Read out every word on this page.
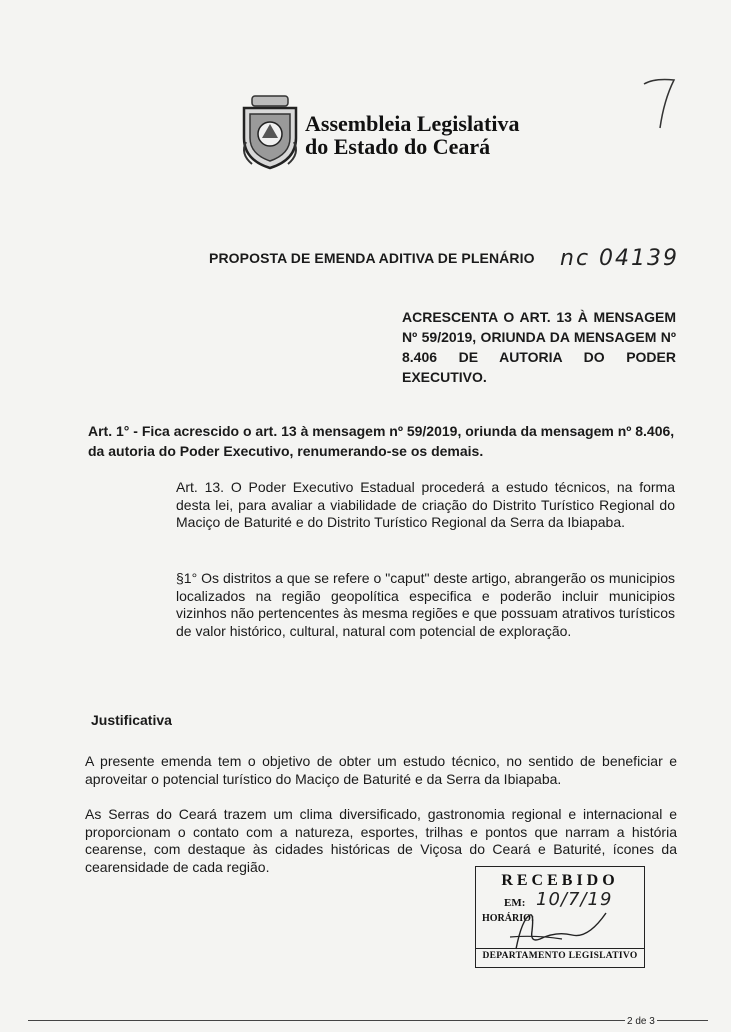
Assembleia Legislativa
do Estado do Ceará
PROPOSTA DE EMENDA ADITIVA DE PLENÁRIO nc 04139
ACRESCENTA O ART. 13 À MENSAGEM Nº 59/2019, ORIUNDA DA MENSAGEM Nº 8.406 DE AUTORIA DO PODER EXECUTIVO.
Art. 1° - Fica acrescido o art. 13 à mensagem nº 59/2019, oriunda da mensagem nº 8.406, da autoria do Poder Executivo, renumerando-se os demais.
Art. 13. O Poder Executivo Estadual procederá a estudo técnicos, na forma desta lei, para avaliar a viabilidade de criação do Distrito Turístico Regional do Maciço de Baturité e do Distrito Turístico Regional da Serra da Ibiapaba.
§1° Os distritos a que se refere o "caput" deste artigo, abrangerão os municipios localizados na região geopolítica especifica e poderão incluir municipios vizinhos não pertencentes às mesma regiões e que possuam atrativos turísticos de valor histórico, cultural, natural com potencial de exploração.
Justificativa
A presente emenda tem o objetivo de obter um estudo técnico, no sentido de beneficiar e aproveitar o potencial turístico do Maciço de Baturité e da Serra da Ibiapaba.
As Serras do Ceará trazem um clima diversificado, gastronomia regional e internacional e proporcionam o contato com a natureza, esportes, trilhas e pontos que narram a história cearense, com destaque às cidades históricas de Viçosa do Ceará e Baturité, ícones da cearensidade de cada região.
RECEBIDO
EM: 10/7/19
HORÁRIO:
DEPARTAMENTO LEGISLATIVO
2 de 3
